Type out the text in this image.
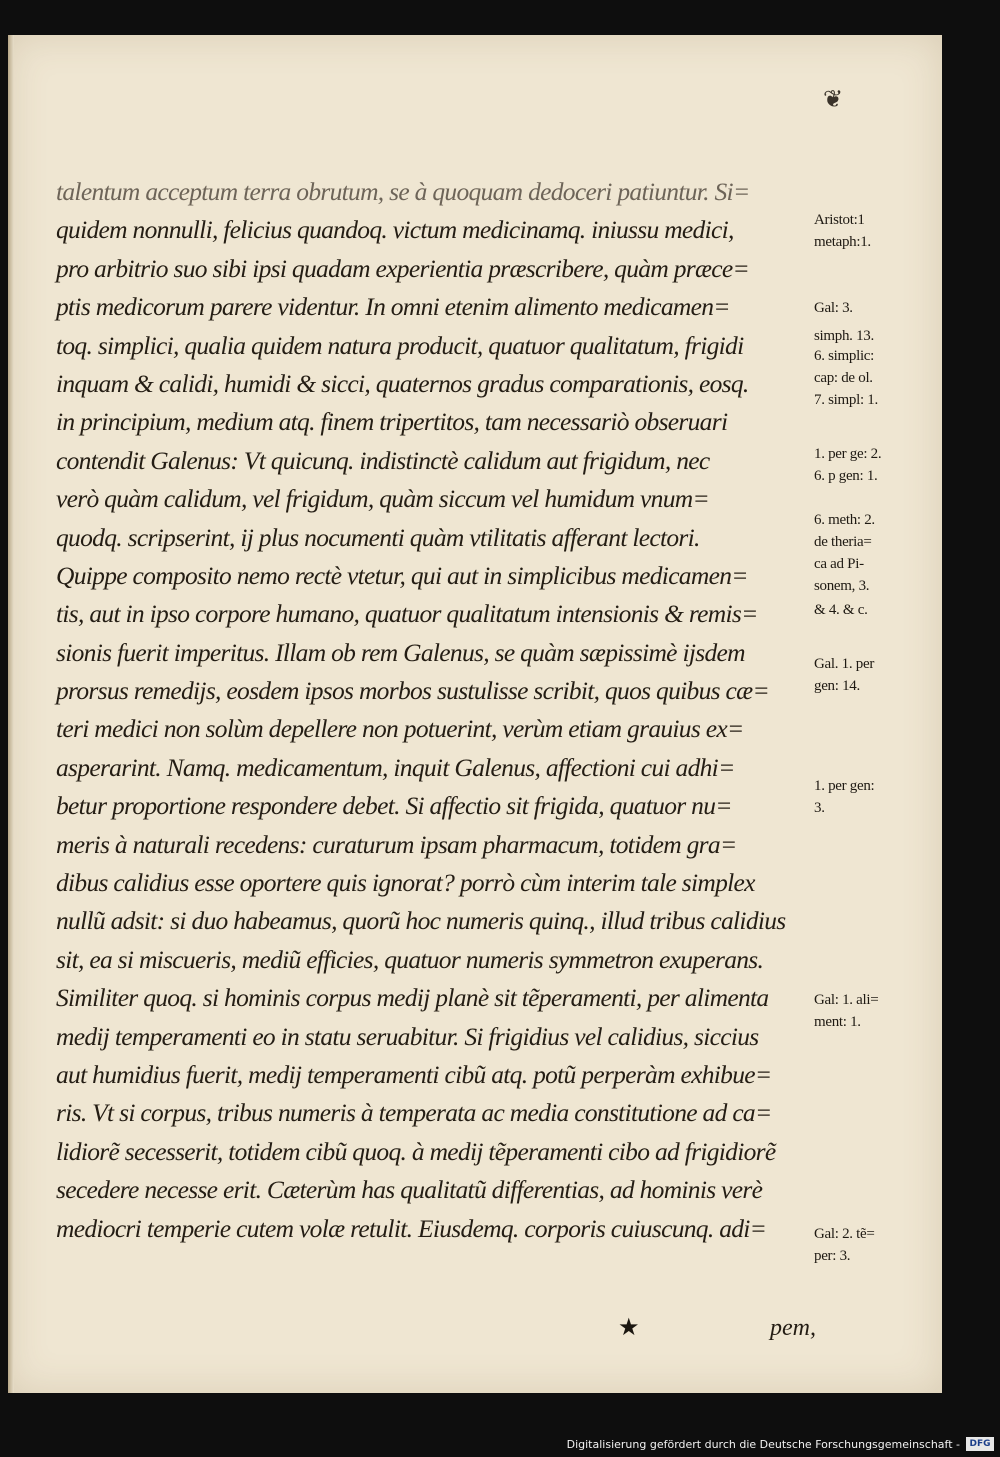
❦
talentum acceptum terra obrutum, se à quoquam dedoceri patiuntur. Si=
quidem nonnulli, felicius quandoq. victum medicinamq. iniussu medici,
pro arbitrio suo sibi ipsi quadam experientia præscribere, quàm præce=
ptis medicorum parere videntur. In omni etenim alimento medicamen=
toq. simplici, qualia quidem natura producit, quatuor qualitatum, frigidi
inquam & calidi, humidi & sicci, quaternos gradus comparationis, eosq.
in principium, medium atq. finem tripertitos, tam necessariò obseruari
contendit Galenus: Vt quicunq. indistinctè calidum aut frigidum, nec
verò quàm calidum, vel frigidum, quàm siccum vel humidum vnum=
quodq. scripserint, ij plus nocumenti quàm vtilitatis afferant lectori.
Quippe composito nemo rectè vtetur, qui aut in simplicibus medicamen=
tis, aut in ipso corpore humano, quatuor qualitatum intensionis & remis=
sionis fuerit imperitus. Illam ob rem Galenus, se quàm sæpissimè ijsdem
prorsus remedijs, eosdem ipsos morbos sustulisse scribit, quos quibus cæ=
teri medici non solùm depellere non potuerint, verùm etiam grauius ex=
asperarint. Namq. medicamentum, inquit Galenus, affectioni cui adhi=
betur proportione respondere debet. Si affectio sit frigida, quatuor nu=
meris à naturali recedens: curaturum ipsam pharmacum, totidem gra=
dibus calidius esse oportere quis ignorat? porrò cùm interim tale simplex
nullũ adsit: si duo habeamus, quorũ hoc numeris quinq., illud tribus calidius
sit, ea si miscueris, mediũ efficies, quatuor numeris symmetron exuperans.
Similiter quoq. si hominis corpus medij planè sit tẽperamenti, per alimenta
medij temperamenti eo in statu seruabitur. Si frigidius vel calidius, siccius
aut humidius fuerit, medij temperamenti cibũ atq. potũ perperàm exhibue=
ris. Vt si corpus, tribus numeris à temperata ac media constitutione ad ca=
lidiorẽ secesserit, totidem cibũ quoq. à medij tẽperamenti cibo ad frigidiorẽ
secedere necesse erit. Cæterùm has qualitatũ differentias, ad hominis verè
mediocri temperie cutem volæ retulit. Eiusdemq. corporis cuiuscunq. adi=
Aristot:1
metaph:1.
Gal: 3.
simph. 13.
6. simplic:
cap: de ol.
7. simpl: 1.
1. per ge: 2.
6. p gen: 1.
6. meth: 2.
de theria=
ca ad Pi-
sonem, 3.
& 4. & c.
Gal. 1. per
gen: 14.
1. per gen:
3.
Gal: 1. ali=
ment: 1.
Gal: 2. tẽ=
per: 3.
★	pem,
Digitalisierung gefördert durch die Deutsche Forschungsgemeinschaft -	DFG
